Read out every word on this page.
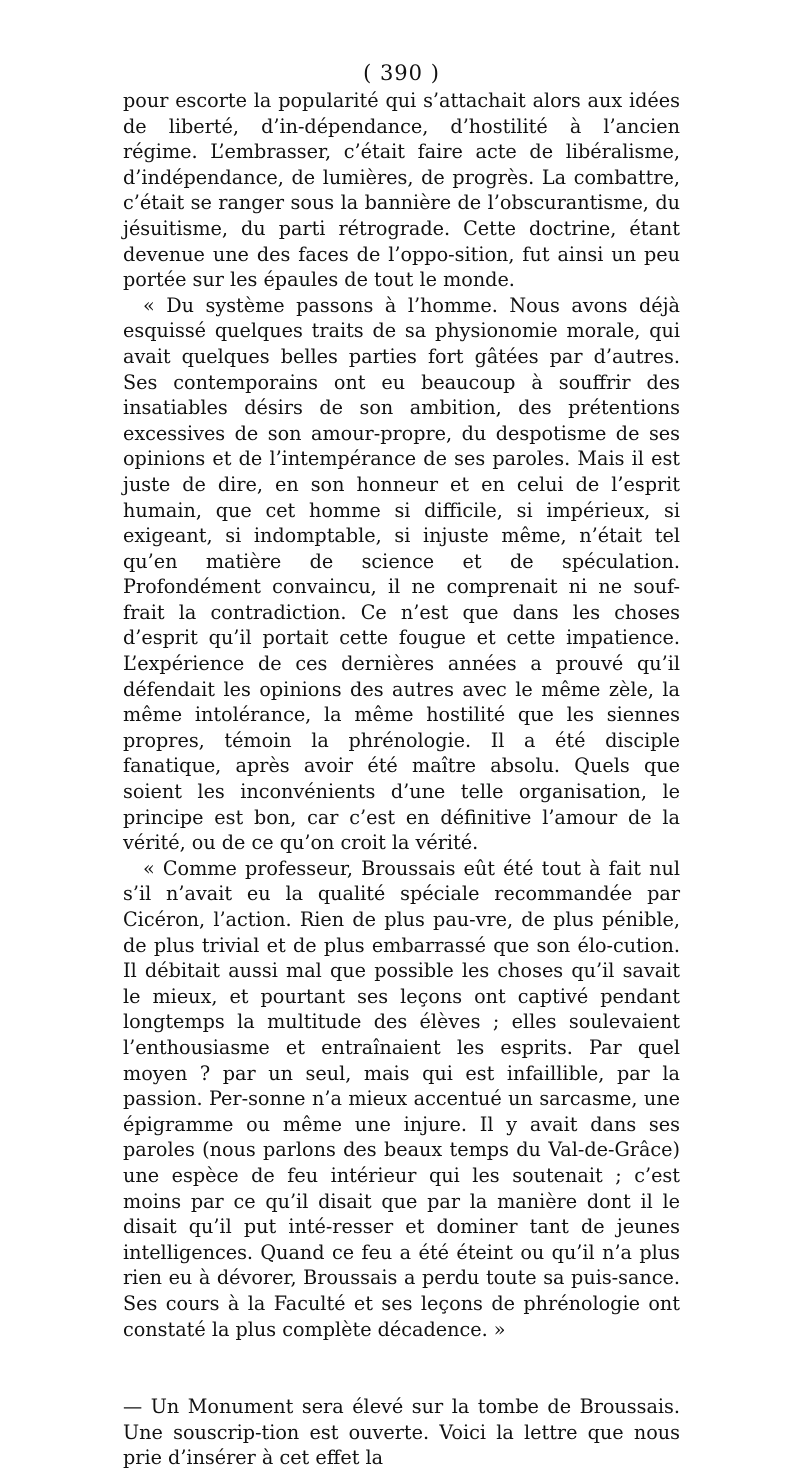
( 390 )

pour escorte la popularité qui s’attachait alors aux idées de liberté, d’in-dépendance, d’hostilité à l’ancien régime. L’embrasser, c’était faire acte de libéralisme, d’indépendance, de lumières, de progrès. La combattre, c’était se ranger sous la bannière de l’obscurantisme, du jésuitisme, du parti rétrograde. Cette doctrine, étant devenue une des faces de l’oppo-sition, fut ainsi un peu portée sur les épaules de tout le monde.

« Du système passons à l’homme. Nous avons déjà esquissé quelques traits de sa physionomie morale, qui avait quelques belles parties fort gâtées par d’autres. Ses contemporains ont eu beaucoup à souffrir des insatiables désirs de son ambition, des prétentions excessives de son amour-propre, du despotisme de ses opinions et de l’intempérance de ses paroles. Mais il est juste de dire, en son honneur et en celui de l’esprit humain, que cet homme si difficile, si impérieux, si exigeant, si indomptable, si injuste même, n’était tel qu’en matière de science et de spéculation. Profondément convaincu, il ne comprenait ni ne souf-frait la contradiction. Ce n’est que dans les choses d’esprit qu’il portait cette fougue et cette impatience. L’expérience de ces dernières années a prouvé qu’il défendait les opinions des autres avec le même zèle, la même intolérance, la même hostilité que les siennes propres, témoin la phrénologie. Il a été disciple fanatique, après avoir été maître absolu. Quels que soient les inconvénients d’une telle organisation, le principe est bon, car c’est en définitive l’amour de la vérité, ou de ce qu’on croit la vérité.

« Comme professeur, Broussais eût été tout à fait nul s’il n’avait eu la qualité spéciale recommandée par Cicéron, l’action. Rien de plus pau-vre, de plus pénible, de plus trivial et de plus embarrassé que son élo-cution. Il débitait aussi mal que possible les choses qu’il savait le mieux, et pourtant ses leçons ont captivé pendant longtemps la multitude des élèves ; elles soulevaient l’enthousiasme et entraînaient les esprits. Par quel moyen ? par un seul, mais qui est infaillible, par la passion. Per-sonne n’a mieux accentué un sarcasme, une épigramme ou même une injure. Il y avait dans ses paroles (nous parlons des beaux temps du Val-de-Grâce) une espèce de feu intérieur qui les soutenait ; c’est moins par ce qu’il disait que par la manière dont il le disait qu’il put inté-resser et dominer tant de jeunes intelligences. Quand ce feu a été éteint ou qu’il n’a plus rien eu à dévorer, Broussais a perdu toute sa puis-sance. Ses cours à la Faculté et ses leçons de phrénologie ont constaté la plus complète décadence. »

— Un Monument sera élevé sur la tombe de Broussais. Une souscrip-tion est ouverte. Voici la lettre que nous prie d’insérer à cet effet la
